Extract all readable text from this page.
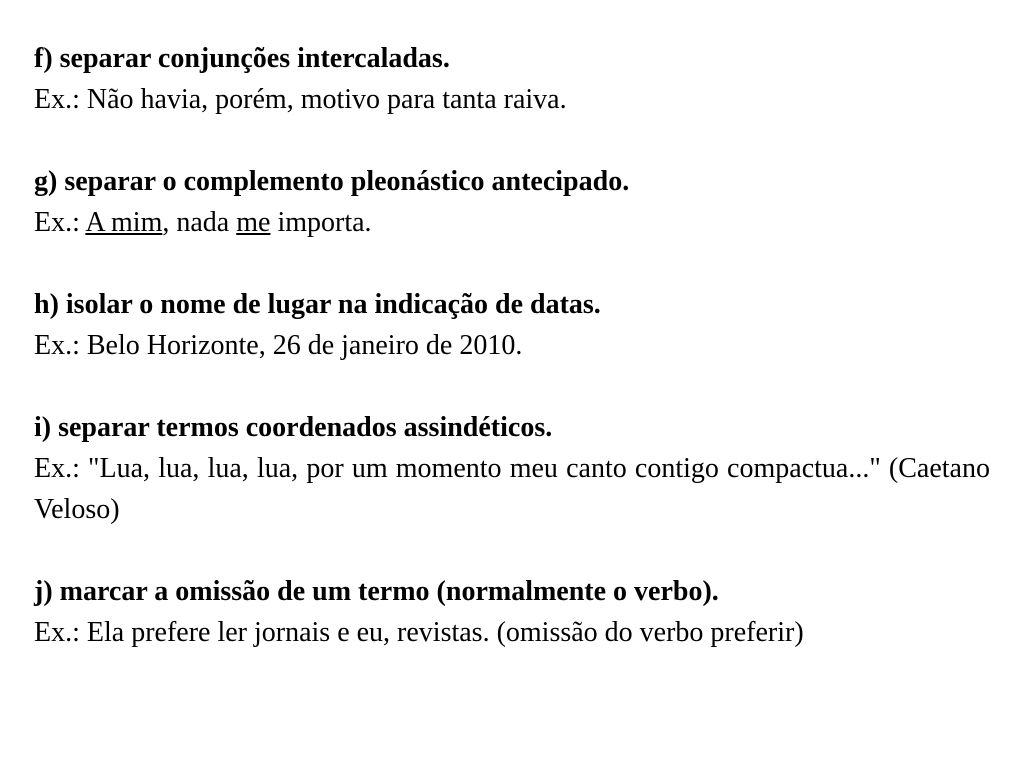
f) separar conjunções intercaladas.

Ex.: Não havia, porém, motivo para tanta raiva.

g) separar o complemento pleonástico antecipado.

Ex.: A mim, nada me importa.

h) isolar o nome de lugar na indicação de datas.

Ex.: Belo Horizonte, 26 de janeiro de 2010.

i) separar termos coordenados assindéticos.

Ex.: "Lua, lua, lua, lua, por um momento meu canto contigo compactua..." (Caetano Veloso)

j) marcar a omissão de um termo (normalmente o verbo).

Ex.: Ela prefere ler jornais e eu, revistas. (omissão do verbo preferir)
